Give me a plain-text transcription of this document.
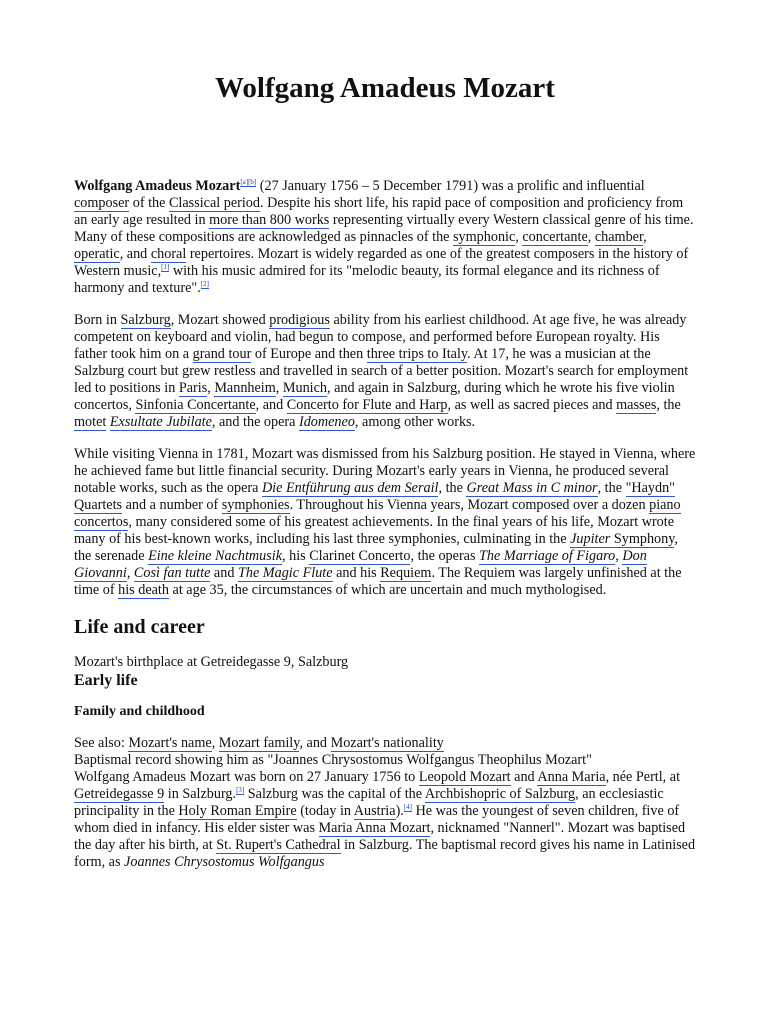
Wolfgang Amadeus Mozart

Wolfgang Amadeus Mozart[a][b] (27 January 1756 – 5 December 1791) was a prolific and influential composer of the Classical period. Despite his short life, his rapid pace of composition and proficiency from an early age resulted in more than 800 works representing virtually every Western classical genre of his time. Many of these compositions are acknowledged as pinnacles of the symphonic, concertante, chamber, operatic, and choral repertoires. Mozart is widely regarded as one of the greatest composers in the history of Western music,[1] with his music admired for its "melodic beauty, its formal elegance and its richness of harmony and texture".[2]

Born in Salzburg, Mozart showed prodigious ability from his earliest childhood. At age five, he was already competent on keyboard and violin, had begun to compose, and performed before European royalty. His father took him on a grand tour of Europe and then three trips to Italy. At 17, he was a musician at the Salzburg court but grew restless and travelled in search of a better position. Mozart's search for employment led to positions in Paris, Mannheim, Munich, and again in Salzburg, during which he wrote his five violin concertos, Sinfonia Concertante, and Concerto for Flute and Harp, as well as sacred pieces and masses, the motet Exsultate Jubilate, and the opera Idomeneo, among other works.

While visiting Vienna in 1781, Mozart was dismissed from his Salzburg position. He stayed in Vienna, where he achieved fame but little financial security. During Mozart's early years in Vienna, he produced several notable works, such as the opera Die Entführung aus dem Serail, the Great Mass in C minor, the "Haydn" Quartets and a number of symphonies. Throughout his Vienna years, Mozart composed over a dozen piano concertos, many considered some of his greatest achievements. In the final years of his life, Mozart wrote many of his best-known works, including his last three symphonies, culminating in the Jupiter Symphony, the serenade Eine kleine Nachtmusik, his Clarinet Concerto, the operas The Marriage of Figaro, Don Giovanni, Così fan tutte and The Magic Flute and his Requiem. The Requiem was largely unfinished at the time of his death at age 35, the circumstances of which are uncertain and much mythologised.

Life and career
Mozart's birthplace at Getreidegasse 9, Salzburg
Early life
Family and childhood
See also: Mozart's name, Mozart family, and Mozart's nationality
Baptismal record showing him as "Joannes Chrysostomus Wolfgangus Theophilus Mozart"
Wolfgang Amadeus Mozart was born on 27 January 1756 to Leopold Mozart and Anna Maria, née Pertl, at Getreidegasse 9 in Salzburg.[3] Salzburg was the capital of the Archbishopric of Salzburg, an ecclesiastic principality in the Holy Roman Empire (today in Austria).[4] He was the youngest of seven children, five of whom died in infancy. His elder sister was Maria Anna Mozart, nicknamed "Nannerl". Mozart was baptised the day after his birth, at St. Rupert's Cathedral in Salzburg. The baptismal record gives his name in Latinised form, as Joannes Chrysostomus Wolfgangus
